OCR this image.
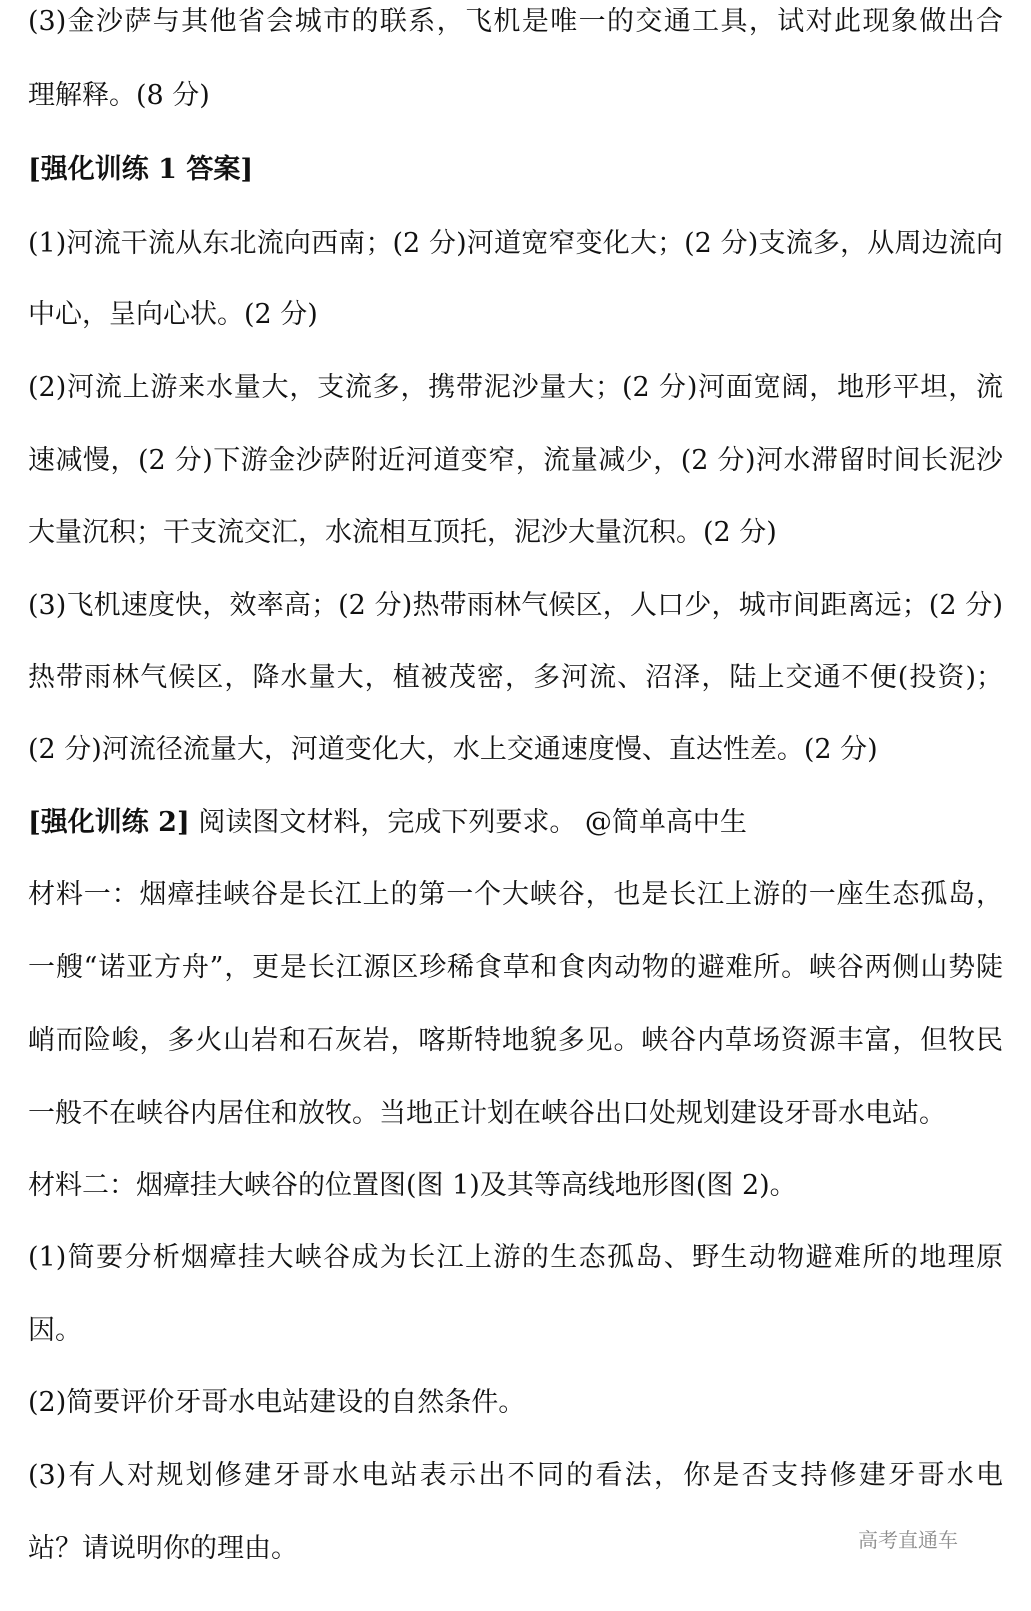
(3)金沙萨与其他省会城市的联系，飞机是唯一的交通工具，试对此现象做出合
理解释。(8 分)
[强化训练 1 答案]
(1)河流干流从东北流向西南；(2 分)河道宽窄变化大；(2 分)支流多，从周边流向
中心，呈向心状。(2 分)
(2)河流上游来水量大，支流多，携带泥沙量大；(2 分)河面宽阔，地形平坦，流
速减慢，(2 分)下游金沙萨附近河道变窄，流量减少，(2 分)河水滞留时间长泥沙
大量沉积；干支流交汇，水流相互顶托，泥沙大量沉积。(2 分)
(3)飞机速度快，效率高；(2 分)热带雨林气候区，人口少，城市间距离远；(2 分)
热带雨林气候区，降水量大，植被茂密，多河流、沼泽，陆上交通不便(投资)；
(2 分)河流径流量大，河道变化大，水上交通速度慢、直达性差。(2 分)
[强化训练 2] 阅读图文材料，完成下列要求。 @简单高中生
材料一：烟瘴挂峡谷是长江上的第一个大峡谷，也是长江上游的一座生态孤岛，
一艘“诺亚方舟”，更是长江源区珍稀食草和食肉动物的避难所。峡谷两侧山势陡
峭而险峻，多火山岩和石灰岩，喀斯特地貌多见。峡谷内草场资源丰富，但牧民
一般不在峡谷内居住和放牧。当地正计划在峡谷出口处规划建设牙哥水电站。
材料二：烟瘴挂大峡谷的位置图(图 1)及其等高线地形图(图 2)。
(1)简要分析烟瘴挂大峡谷成为长江上游的生态孤岛、野生动物避难所的地理原
因。
(2)简要评价牙哥水电站建设的自然条件。
(3)有人对规划修建牙哥水电站表示出不同的看法，你是否支持修建牙哥水电
站？请说明你的理由。	高考直通车
